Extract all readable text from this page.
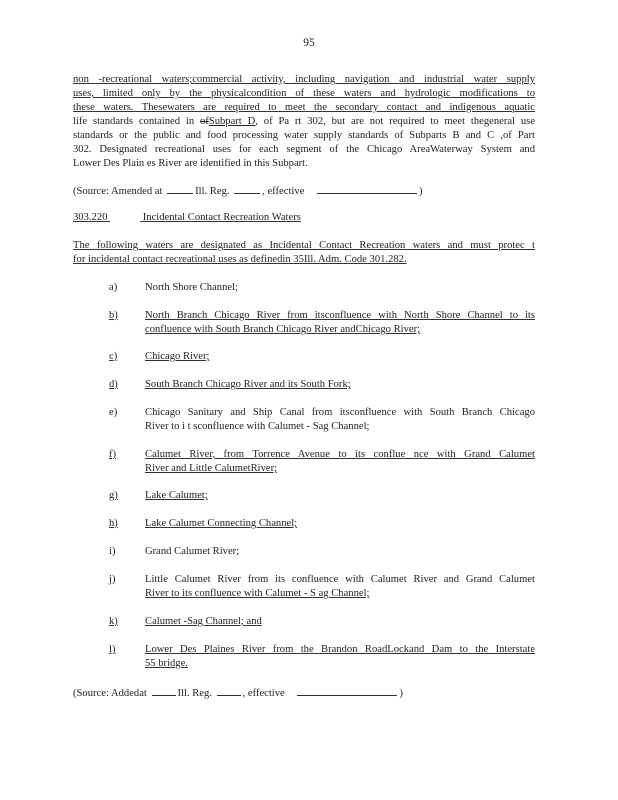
95
non -recreational waters;commercial activity, including navigation and industrial water supply
uses, limited only by the physicalcondition of these waters and hydrologic modifications to
these waters. Thesewaters are required to meet the secondary contact and indigenous aquatic
life standards contained in ofSubpart D, of Pa rt 302, but are not required to meet thegeneral use
standards or the public and food processing water supply standards of Subparts B and C ,of Part
302. Designated recreational uses for each segment of the Chicago AreaWaterway System and
Lower Des Plain es River are identified in this Subpart.
(Source: Amended at	Ill. Reg.	, effective	)
303.220	Incidental Contact Recreation Waters
The following waters are designated as Incidental Contact Recreation waters and must protec t
for incidental contact recreational uses as definedin 35Ill. Adm. Code 301.282.
a)	North Shore Channel;
b)	North Branch Chicago River from itsconfluence with North Shore Channel to its
confluence with South Branch Chicago River andChicago River;
c)	Chicago River;
d)	South Branch Chicago River and its South Fork;
e)	Chicago Sanitary and Ship Canal from itsconfluence with South Branch Chicago
River to i t sconfluence with Calumet - Sag Channel;
f)	Calumet River, from Torrence Avenue to its conflue nce with Grand Calumet
River and Little CalumetRiver;
g)	Lake Calumet;
h)	Lake Calumet Connecting Channel;
i)	Grand Calumet River;
j)	Little Calumet River from its confluence with Calumet River and Grand Calumet
River to its confluence with Calumet - S ag Channel;
k)	Calumet -Sag Channel; and
l)	Lower Des Plaines River from the Brandon RoadLockand Dam to the Interstate
55 bridge.
(Source: Addedat	Ill. Reg.	, effective	)
